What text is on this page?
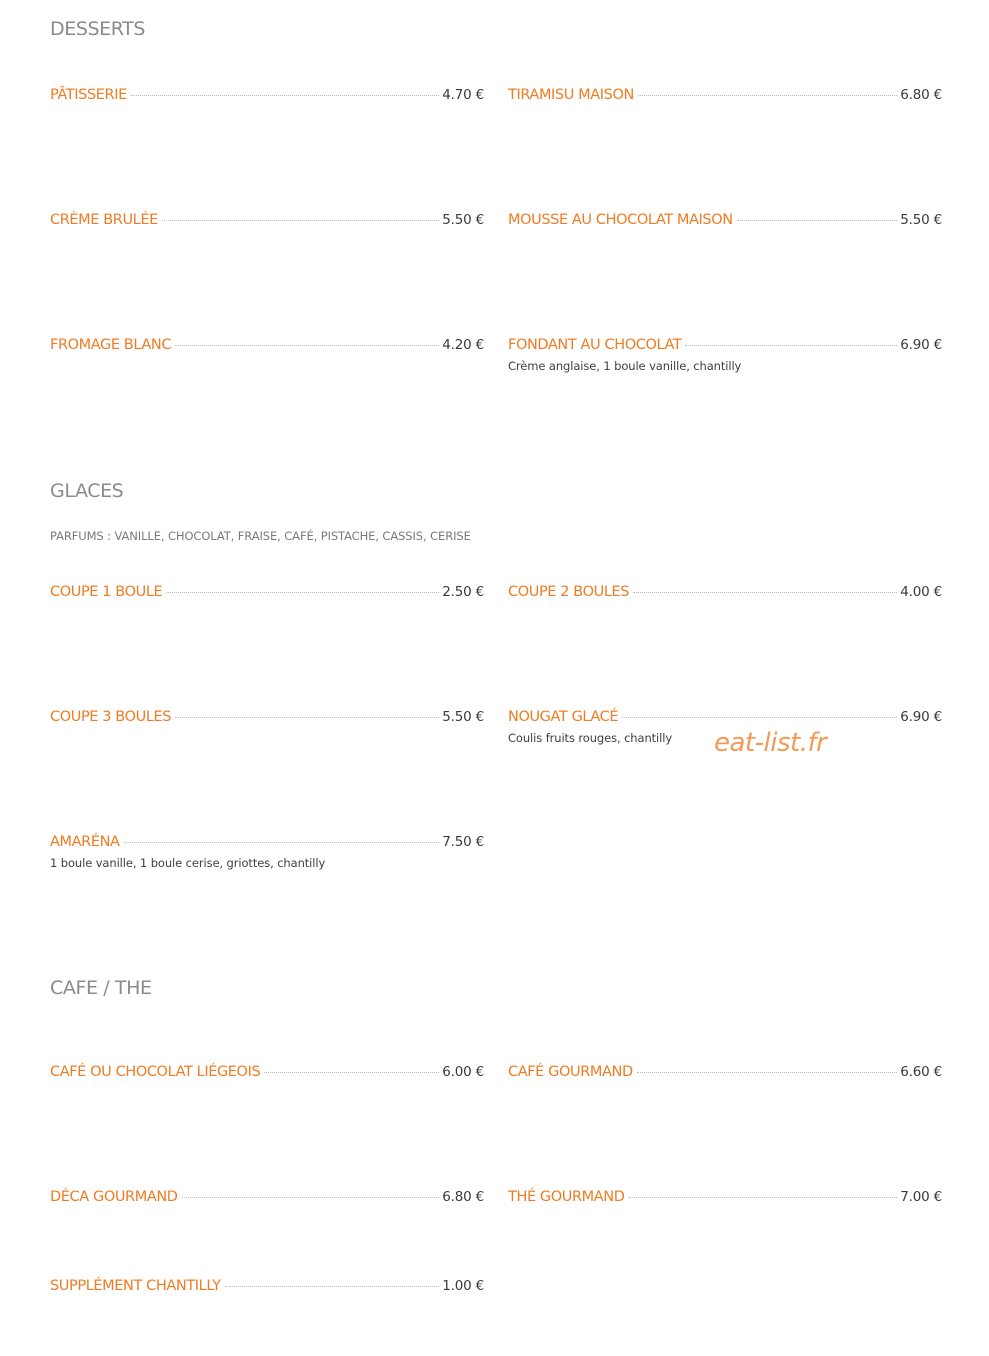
DESSERTS
PÂTISSERIE	4.70 € TIRAMISU MAISON	6.80 €
CRÈME BRULÉE	5.50 € MOUSSE AU CHOCOLAT MAISON	5.50 €
FROMAGE BLANC	4.20 € FONDANT AU CHOCOLAT	6.90 €
Crème anglaise, 1 boule vanille, chantilly
GLACES
PARFUMS : VANILLE, CHOCOLAT, FRAISE, CAFÉ, PISTACHE, CASSIS, CERISE
COUPE 1 BOULE	2.50 € COUPE 2 BOULES	4.00 €
COUPE 3 BOULES	5.50 € NOUGAT GLACÉ	6.90 €
Coulis fruits rouges, chantilly
AMARÉNA	7.50 €
1 boule vanille, 1 boule cerise, griottes, chantilly
CAFE / THE
CAFÉ OU CHOCOLAT LIÉGEOIS	6.00 € CAFÉ GOURMAND	6.60 €
DÉCA GOURMAND	6.80 € THÉ GOURMAND	7.00 €
SUPPLÉMENT CHANTILLY	1.00 €
eat-list.fr
